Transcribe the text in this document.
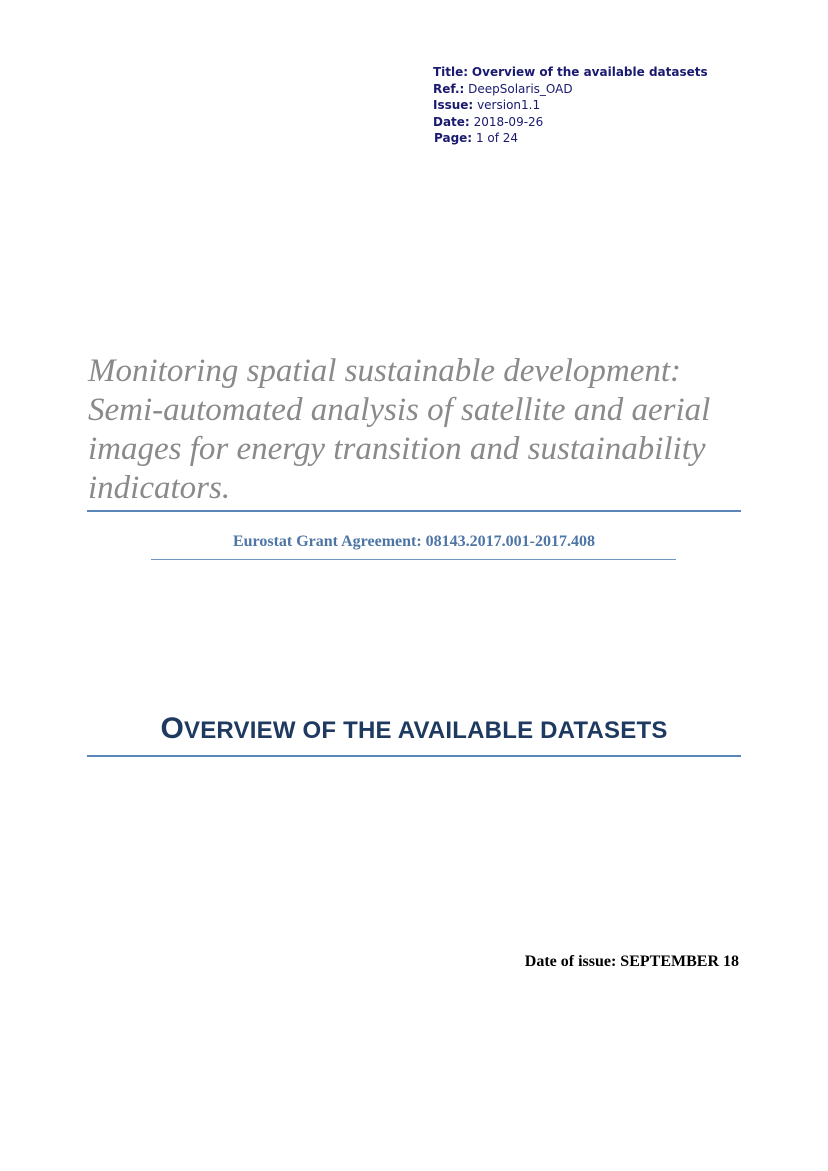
Title: Overview of the available datasets
Ref.: DeepSolaris_OAD
Issue: version1.1
Date: 2018-09-26
Page: 1 of 24
Monitoring spatial sustainable development:
Semi-automated analysis of satellite and aerial
images for energy transition and sustainability
indicators.
Eurostat Grant Agreement: 08143.2017.001-2017.408
OVERVIEW OF THE AVAILABLE DATASETS
Date of issue: SEPTEMBER 18
